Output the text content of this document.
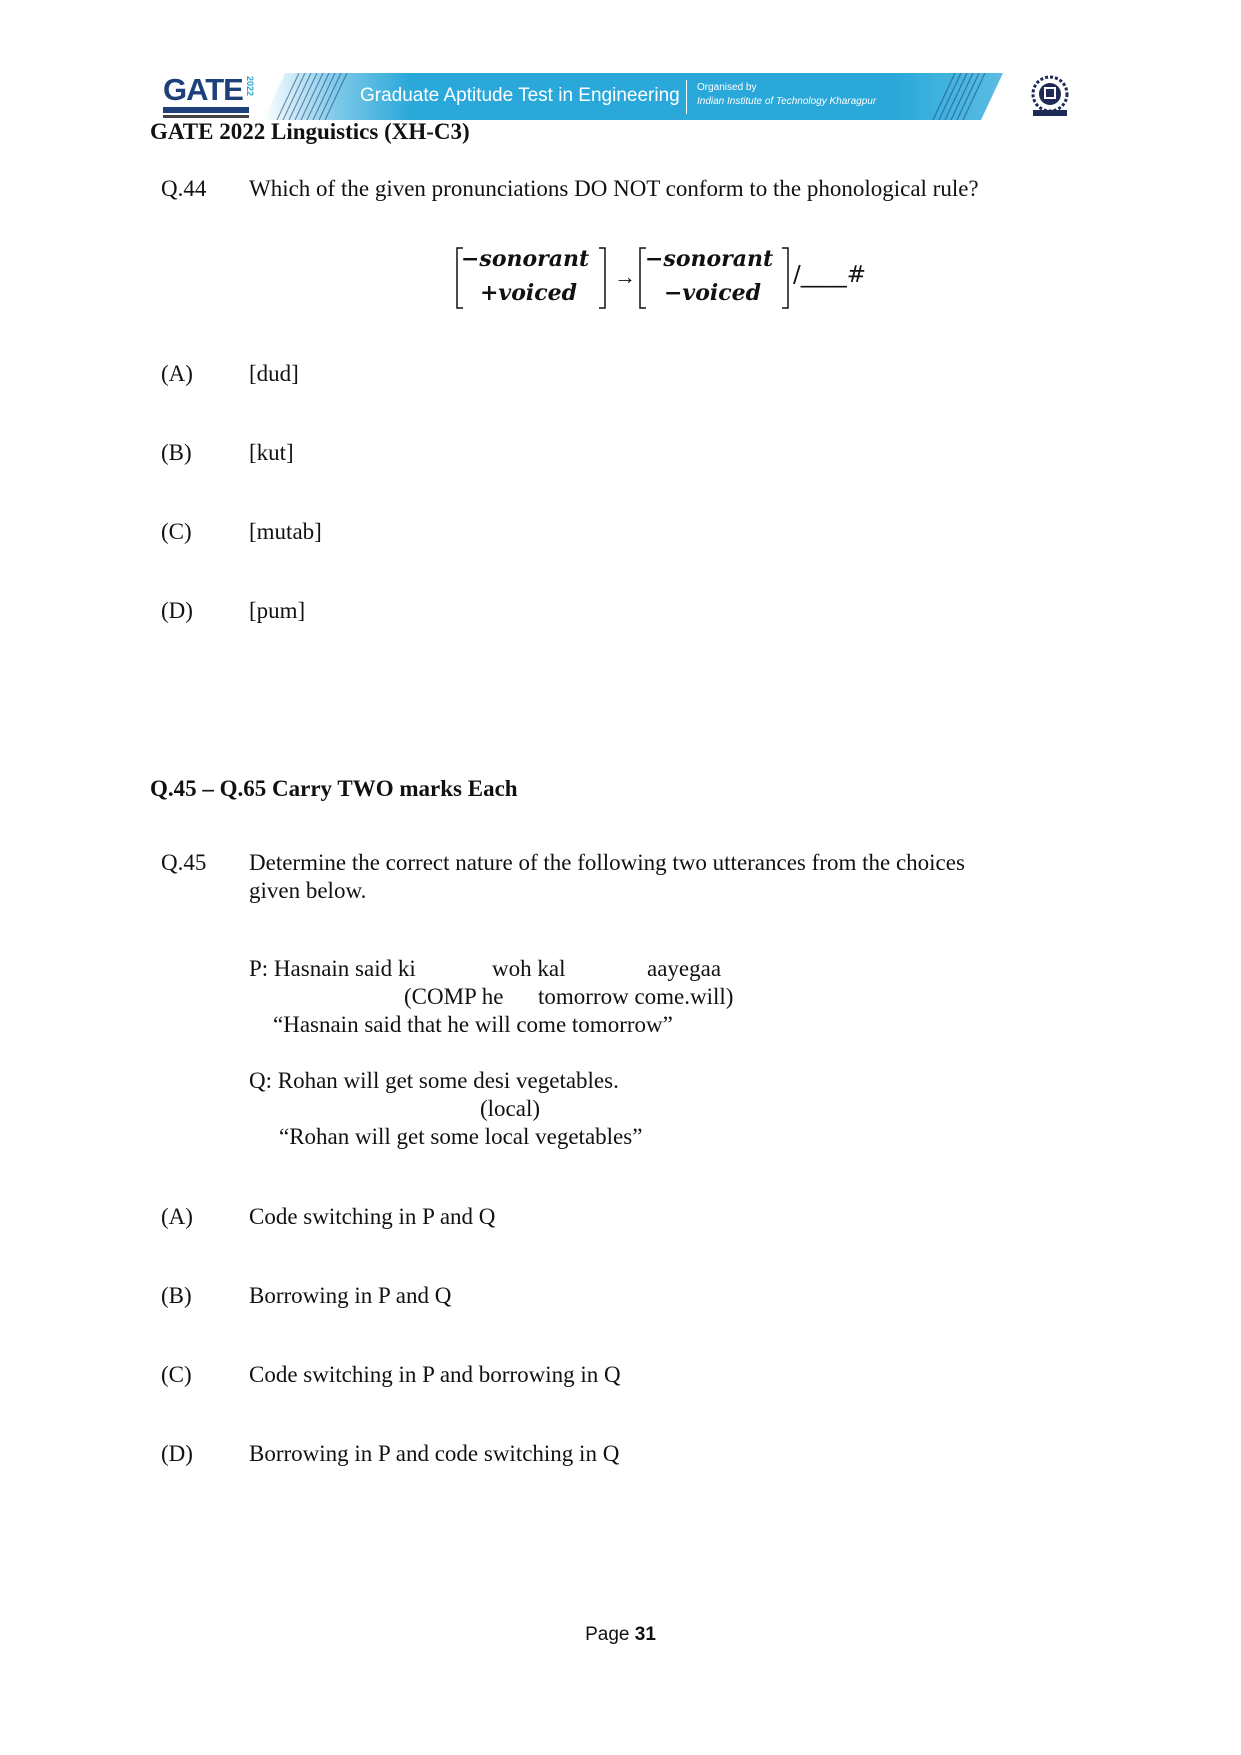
GATE 2022	Graduate Aptitude Test in Engineering Organised by
Indian Institute of Technology Kharagpur
GATE 2022 Linguistics (XH-C3)
Q.44 Which of the given pronunciations DO NOT conform to the phonological rule?
−sonorant
+voiced
→
−sonorant
−voiced
/____#
(A) [dud]
(B) [kut]
(C) [mutab]
(D) [pum]
Q.45 – Q.65 Carry TWO marks Each
Q.45 Determine the correct nature of the following two utterances from the choices
given below.
P: Hasnain said ki	woh kal	aayegaa
(COMP he tomorrow come.will)
“Hasnain said that he will come tomorrow”
Q: Rohan will get some desi vegetables.
(local)
“Rohan will get some local vegetables”
(A) Code switching in P and Q
(B) Borrowing in P and Q
(C) Code switching in P and borrowing in Q
(D) Borrowing in P and code switching in Q
Page 31
